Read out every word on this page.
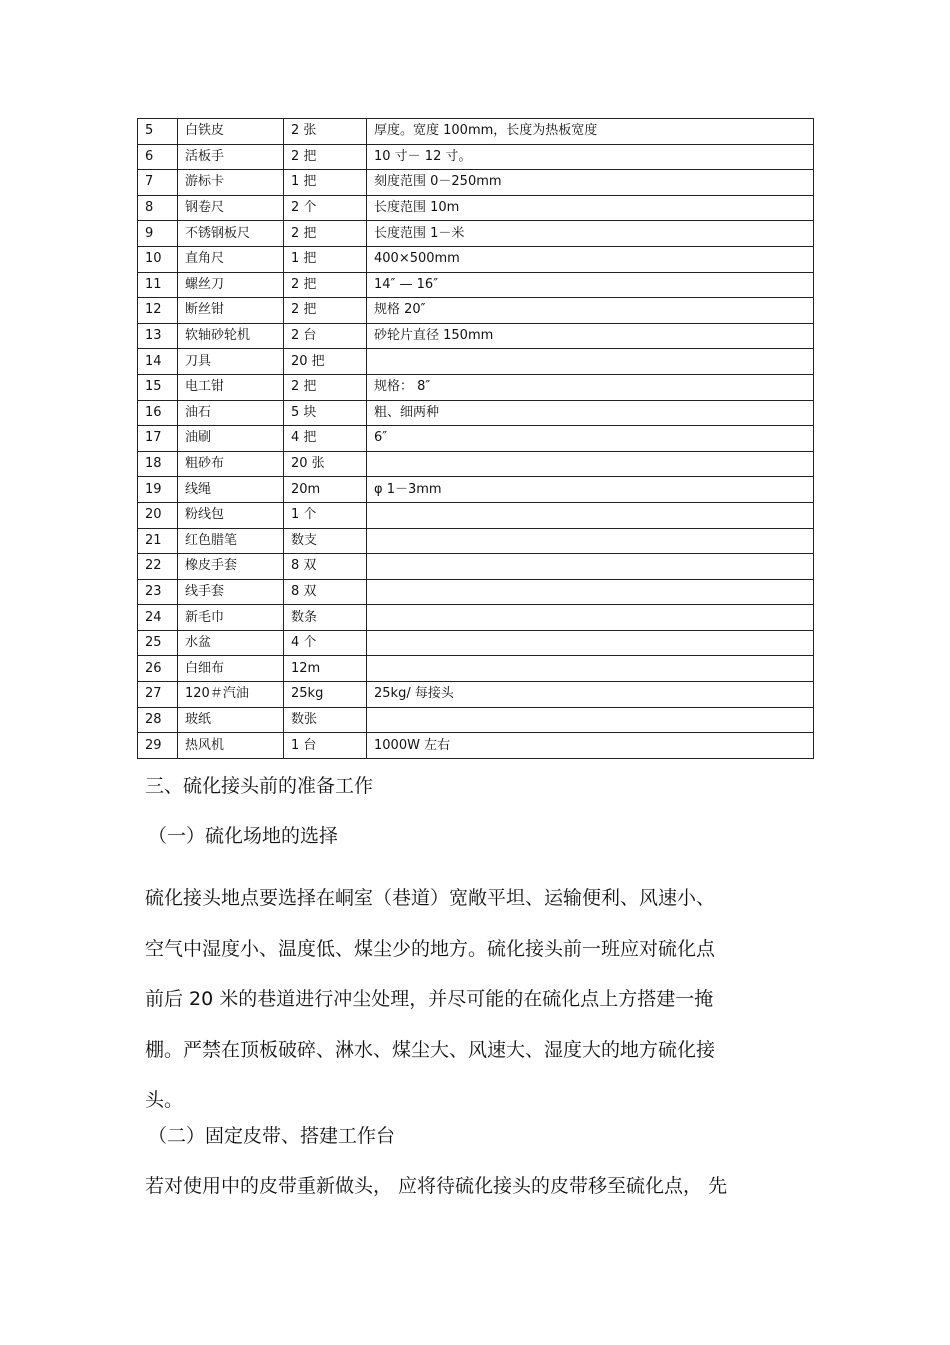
5	白铁皮	2 张	厚度。宽度 100mm，长度为热板宽度
6	活板手	2 把	10 寸－ 12 寸。
7	游标卡	1 把	刻度范围 0－250mm
8	钢卷尺	2 个	长度范围 10m
9	不锈钢板尺	2 把	长度范围 1－米
10	直角尺	1 把	400×500mm
11	螺丝刀	2 把	14″ — 16″
12	断丝钳	2 把	规格 20″
13	软轴砂轮机	2 台	砂轮片直径 150mm
14	刀具	20 把	
15	电工钳	2 把	规格： 8″
16	油石	5 块	粗、细两种
17	油刷	4 把	6″
18	粗砂布	20 张	
19	线绳	20m	φ 1－3mm
20	粉线包	1 个	
21	红色腊笔	数支	
22	橡皮手套	8 双	
23	线手套	8 双	
24	新毛巾	数条	
25	水盆	4 个	
26	白细布	12m	
27	120＃汽油	25kg	25kg/ 每接头
28	玻纸	数张	
29	热风机	1 台	1000W 左右
三、硫化接头前的准备工作
（一）硫化场地的选择
硫化接头地点要选择在峒室（巷道）宽敞平坦、运输便利、风速小、
空气中湿度小、温度低、煤尘少的地方。硫化接头前一班应对硫化点
前后 20 米的巷道进行冲尘处理，并尽可能的在硫化点上方搭建一掩
棚。严禁在顶板破碎、淋水、煤尘大、风速大、湿度大的地方硫化接
头。
（二）固定皮带、搭建工作台
若对使用中的皮带重新做头， 应将待硫化接头的皮带移至硫化点， 先
